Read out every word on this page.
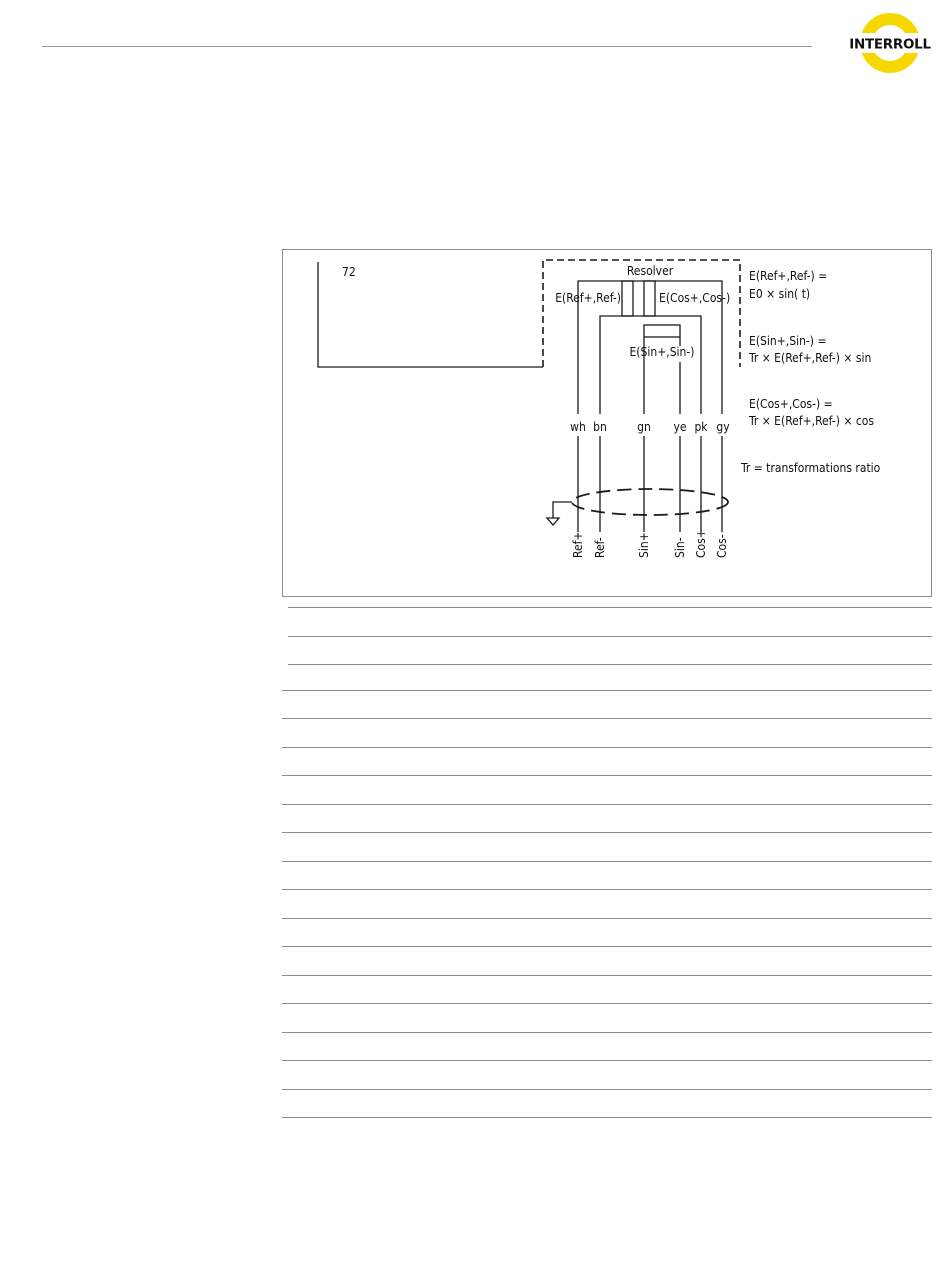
INTERROLL
72	Resolver
E(Ref+,Ref-)	E(Cos+,Cos-)
E(Sin+,Sin-)
wh bn	gn ye pk gy
Ref+ Ref-	Sin+ Sin- Cos+ Cos-
E(Ref+,Ref-) =
E0 × sin( t)
E(Sin+,Sin-) =
Tr × E(Ref+,Ref-) × sin
E(Cos+,Cos-) =
Tr × E(Ref+,Ref-) × cos
Tr = transformations ratio
